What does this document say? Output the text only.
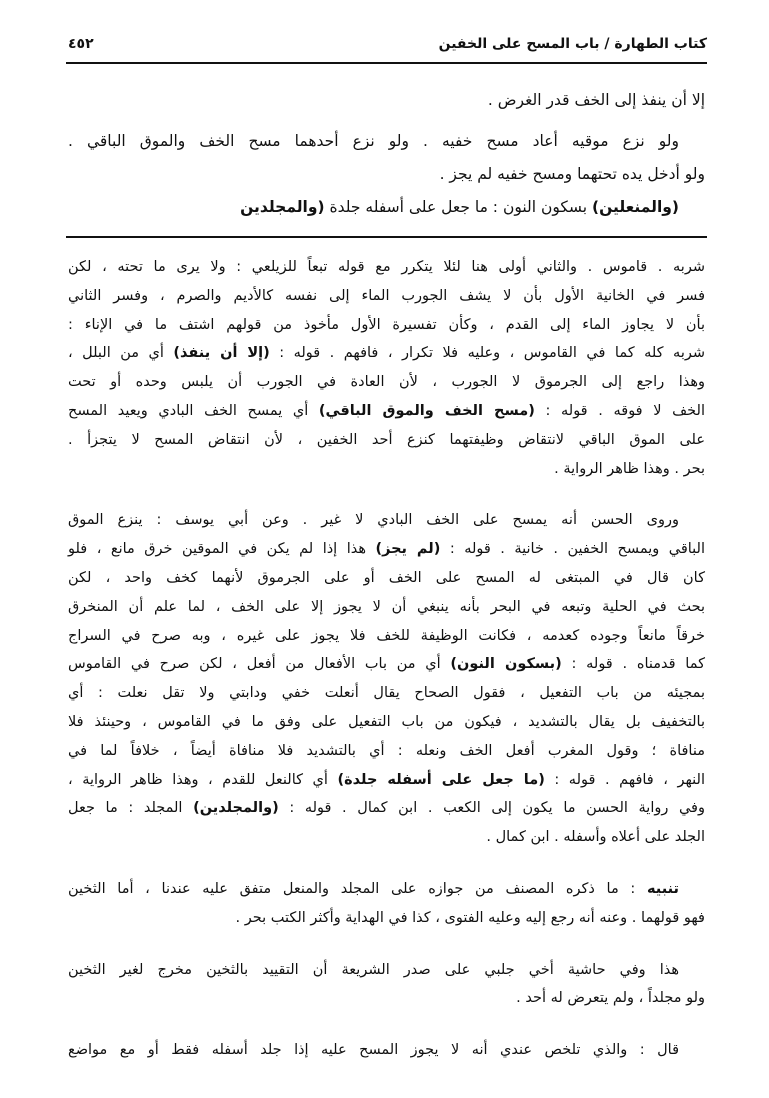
كتاب الطهارة / باب المسح على الخفين
٤٥٢
إلا أن ينفذ إلى الخف قدر الغرض .
ولو نزع موقيه أعاد مسح خفيه . ولو نزع أحدهما مسح الخف والموق الباقي .
ولو أدخل يده تحتهما ومسح خفيه لم يجز .
(والمنعلين) بسكون النون : ما جعل على أسفله جلدة (والمجلدين
شربه . قاموس . والثاني أولى هنا لئلا يتكرر مع قوله تبعاً للزيلعي : ولا يرى ما تحته ، لكن
فسر في الخانية الأول بأن لا يشف الجورب الماء إلى نفسه كالأديم والصرم ، وفسر الثاني
بأن لا يجاوز الماء إلى القدم ، وكأن تفسيرة الأول مأخوذ من قولهم اشتف ما في الإناء :
شربه كله كما في القاموس ، وعليه فلا تكرار ، فافهم . قوله : (إلا أن ينفذ) أي من البلل ،
وهذا راجع إلى الجرموق لا الجورب ، لأن العادة في الجورب أن يلبس وحده أو تحت
الخف لا فوقه . قوله : (مسح الخف والموق الباقي) أي يمسح الخف البادي ويعيد المسح
على الموق الباقي لانتقاض وظيفتهما كنزع أحد الخفين ، لأن انتقاض المسح لا يتجزأ .
بحر . وهذا ظاهر الرواية .
وروى الحسن أنه يمسح على الخف البادي لا غير . وعن أبي يوسف : ينزع الموق
الباقي ويمسح الخفين . خانية . قوله : (لم يجز) هذا إذا لم يكن في الموقين خرق مانع ، فلو
كان قال في المبتغى له المسح على الخف أو على الجرموق لأنهما كخف واحد ، لكن
بحث في الحلية وتبعه في البحر بأنه ينبغي أن لا يجوز إلا على الخف ، لما علم أن المنخرق
خرقاً مانعاً وجوده كعدمه ، فكانت الوظيفة للخف فلا يجوز على غيره ، وبه صرح في السراج
كما قدمناه . قوله : (بسكون النون) أي من باب الأفعال من أفعل ، لكن صرح في القاموس
بمجيئه من باب التفعيل ، فقول الصحاح يقال أنعلت خفي ودابتي ولا تقل نعلت : أي
بالتخفيف بل يقال بالتشديد ، فيكون من باب التفعيل على وفق ما في القاموس ، وحينئذ فلا
منافاة ؛ وقول المغرب أفعل الخف ونعله : أي بالتشديد فلا منافاة أيضاً ، خلافاً لما في
النهر ، فافهم . قوله : (ما جعل على أسفله جلدة) أي كالنعل للقدم ، وهذا ظاهر الرواية ،
وفي رواية الحسن ما يكون إلى الكعب . ابن كمال . قوله : (والمجلدين) المجلد : ما جعل
الجلد على أعلاه وأسفله . ابن كمال .
تنبيه : ما ذكره المصنف من جوازه على المجلد والمنعل متفق عليه عندنا ، أما الثخين
فهو قولهما . وعنه أنه رجع إليه وعليه الفتوى ، كذا في الهداية وأكثر الكتب بحر .
هذا وفي حاشية أخي جلبي على صدر الشريعة أن التقييد بالثخين مخرج لغير الثخين
ولو مجلداً ، ولم يتعرض له أحد .
قال : والذي تلخص عندي أنه لا يجوز المسح عليه إذا جلد أسفله فقط أو مع مواضع
